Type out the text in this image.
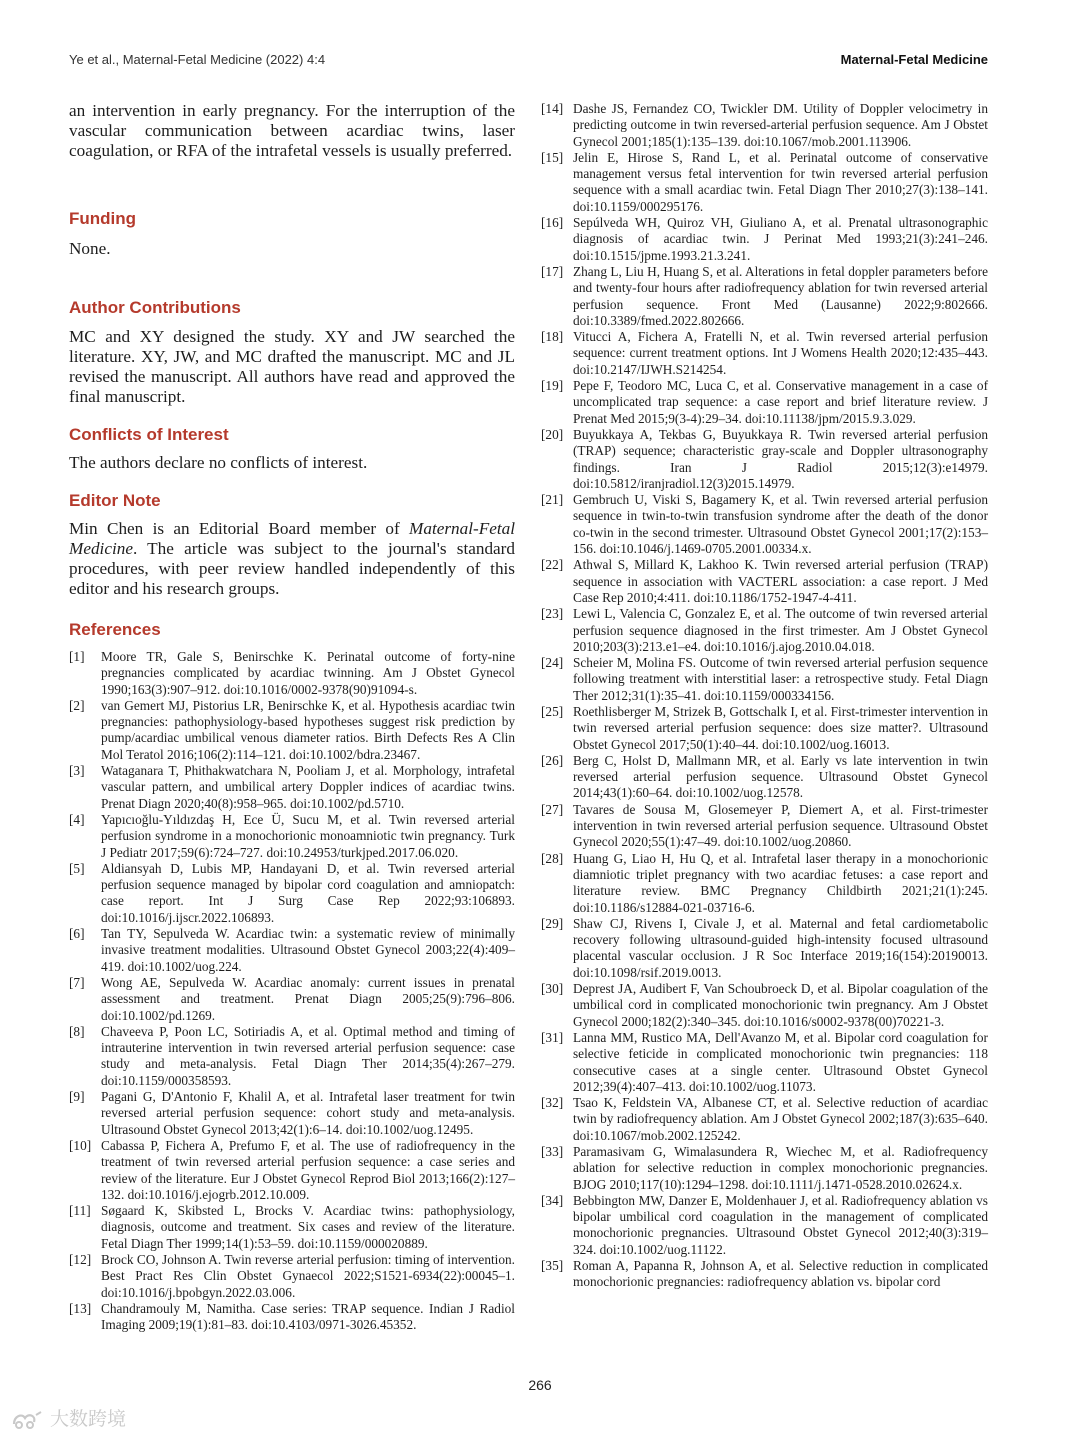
Ye et al., Maternal-Fetal Medicine (2022) 4:4	Maternal-Fetal Medicine

an intervention in early pregnancy. For the interruption of the vascular communication between acardiac twins, laser coagulation, or RFA of the intrafetal vessels is usually preferred.

Funding

None.

Author Contributions

MC and XY designed the study. XY and JW searched the literature. XY, JW, and MC drafted the manuscript. MC and JL revised the manuscript. All authors have read and approved the final manuscript.

Conflicts of Interest

The authors declare no conflicts of interest.

Editor Note

Min Chen is an Editorial Board member of Maternal-Fetal Medicine. The article was subject to the journal's standard procedures, with peer review handled independently of this editor and his research groups.

References
[1]	Moore TR, Gale S, Benirschke K. Perinatal outcome of forty-nine pregnancies complicated by acardiac twinning. Am J Obstet Gynecol 1990;163(3):907–912. doi:10.1016/0002-9378(90)91094-s.
[2]	van Gemert MJ, Pistorius LR, Benirschke K, et al. Hypothesis acardiac twin pregnancies: pathophysiology-based hypotheses suggest risk prediction by pump/acardiac umbilical venous diameter ratios. Birth Defects Res A Clin Mol Teratol 2016;106(2):114–121. doi:10.1002/bdra.23467.
[3]	Wataganara T, Phithakwatchara N, Pooliam J, et al. Morphology, intrafetal vascular pattern, and umbilical artery Doppler indices of acardiac twins. Prenat Diagn 2020;40(8):958–965. doi:10.1002/pd.5710.
[4]	Yapıcıoğlu-Yıldızdaş H, Ece Ü, Sucu M, et al. Twin reversed arterial perfusion syndrome in a monochorionic monoamniotic twin pregnancy. Turk J Pediatr 2017;59(6):724–727. doi:10.24953/turkjped.2017.06.020.
[5]	Aldiansyah D, Lubis MP, Handayani D, et al. Twin reversed arterial perfusion sequence managed by bipolar cord coagulation and amniopatch: case report. Int J Surg Case Rep 2022;93:106893. doi:10.1016/j.ijscr.2022.106893.
[6]	Tan TY, Sepulveda W. Acardiac twin: a systematic review of minimally invasive treatment modalities. Ultrasound Obstet Gynecol 2003;22(4):409–419. doi:10.1002/uog.224.
[7]	Wong AE, Sepulveda W. Acardiac anomaly: current issues in prenatal assessment and treatment. Prenat Diagn 2005;25(9):796–806. doi:10.1002/pd.1269.
[8]	Chaveeva P, Poon LC, Sotiriadis A, et al. Optimal method and timing of intrauterine intervention in twin reversed arterial perfusion sequence: case study and meta-analysis. Fetal Diagn Ther 2014;35(4):267–279. doi:10.1159/000358593.
[9]	Pagani G, D'Antonio F, Khalil A, et al. Intrafetal laser treatment for twin reversed arterial perfusion sequence: cohort study and meta-analysis. Ultrasound Obstet Gynecol 2013;42(1):6–14. doi:10.1002/uog.12495.
[10] Cabassa P, Fichera A, Prefumo F, et al. The use of radiofrequency in the treatment of twin reversed arterial perfusion sequence: a case series and review of the literature. Eur J Obstet Gynecol Reprod Biol 2013;166(2):127–132. doi:10.1016/j.ejogrb.2012.10.009.
[11] Søgaard K, Skibsted L, Brocks V. Acardiac twins: pathophysiology, diagnosis, outcome and treatment. Six cases and review of the literature. Fetal Diagn Ther 1999;14(1):53–59. doi:10.1159/000020889.
[12] Brock CO, Johnson A. Twin reverse arterial perfusion: timing of intervention. Best Pract Res Clin Obstet Gynaecol 2022;S1521-6934(22):00045–1. doi:10.1016/j.bpobgyn.2022.03.006.
[13] Chandramouly M, Namitha. Case series: TRAP sequence. Indian J Radiol Imaging 2009;19(1):81–83. doi:10.4103/0971-3026.45352.
[14] Dashe JS, Fernandez CO, Twickler DM. Utility of Doppler velocimetry in predicting outcome in twin reversed-arterial perfusion sequence. Am J Obstet Gynecol 2001;185(1):135–139. doi:10.1067/mob.2001.113906.
[15] Jelin E, Hirose S, Rand L, et al. Perinatal outcome of conservative management versus fetal intervention for twin reversed arterial perfusion sequence with a small acardiac twin. Fetal Diagn Ther 2010;27(3):138–141. doi:10.1159/000295176.
[16] Sepúlveda WH, Quiroz VH, Giuliano A, et al. Prenatal ultrasonographic diagnosis of acardiac twin. J Perinat Med 1993;21(3):241–246. doi:10.1515/jpme.1993.21.3.241.
[17] Zhang L, Liu H, Huang S, et al. Alterations in fetal doppler parameters before and twenty-four hours after radiofrequency ablation for twin reversed arterial perfusion sequence. Front Med (Lausanne) 2022;9:802666. doi:10.3389/fmed.2022.802666.
[18] Vitucci A, Fichera A, Fratelli N, et al. Twin reversed arterial perfusion sequence: current treatment options. Int J Womens Health 2020;12:435–443. doi:10.2147/IJWH.S214254.
[19] Pepe F, Teodoro MC, Luca C, et al. Conservative management in a case of uncomplicated trap sequence: a case report and brief literature review. J Prenat Med 2015;9(3-4):29–34. doi:10.11138/jpm/2015.9.3.029.
[20] Buyukkaya A, Tekbas G, Buyukkaya R. Twin reversed arterial perfusion (TRAP) sequence; characteristic gray-scale and Doppler ultrasonography findings. Iran J Radiol 2015;12(3):e14979. doi:10.5812/iranjradiol.12(3)2015.14979.
[21] Gembruch U, Viski S, Bagamery K, et al. Twin reversed arterial perfusion sequence in twin-to-twin transfusion syndrome after the death of the donor co-twin in the second trimester. Ultrasound Obstet Gynecol 2001;17(2):153–156. doi:10.1046/j.1469-0705.2001.00334.x.
[22] Athwal S, Millard K, Lakhoo K. Twin reversed arterial perfusion (TRAP) sequence in association with VACTERL association: a case report. J Med Case Rep 2010;4:411. doi:10.1186/1752-1947-4-411.
[23] Lewi L, Valencia C, Gonzalez E, et al. The outcome of twin reversed arterial perfusion sequence diagnosed in the first trimester. Am J Obstet Gynecol 2010;203(3):213.e1–e4. doi:10.1016/j.ajog.2010.04.018.
[24] Scheier M, Molina FS. Outcome of twin reversed arterial perfusion sequence following treatment with interstitial laser: a retrospective study. Fetal Diagn Ther 2012;31(1):35–41. doi:10.1159/000334156.
[25] Roethlisberger M, Strizek B, Gottschalk I, et al. First-trimester intervention in twin reversed arterial perfusion sequence: does size matter?. Ultrasound Obstet Gynecol 2017;50(1):40–44. doi:10.1002/uog.16013.
[26] Berg C, Holst D, Mallmann MR, et al. Early vs late intervention in twin reversed arterial perfusion sequence. Ultrasound Obstet Gynecol 2014;43(1):60–64. doi:10.1002/uog.12578.
[27] Tavares de Sousa M, Glosemeyer P, Diemert A, et al. First-trimester intervention in twin reversed arterial perfusion sequence. Ultrasound Obstet Gynecol 2020;55(1):47–49. doi:10.1002/uog.20860.
[28] Huang G, Liao H, Hu Q, et al. Intrafetal laser therapy in a monochorionic diamniotic triplet pregnancy with two acardiac fetuses: a case report and literature review. BMC Pregnancy Childbirth 2021;21(1):245. doi:10.1186/s12884-021-03716-6.
[29] Shaw CJ, Rivens I, Civale J, et al. Maternal and fetal cardiometabolic recovery following ultrasound-guided high-intensity focused ultrasound placental vascular occlusion. J R Soc Interface 2019;16(154):20190013. doi:10.1098/rsif.2019.0013.
[30] Deprest JA, Audibert F, Van Schoubroeck D, et al. Bipolar coagulation of the umbilical cord in complicated monochorionic twin pregnancy. Am J Obstet Gynecol 2000;182(2):340–345. doi:10.1016/s0002-9378(00)70221-3.
[31] Lanna MM, Rustico MA, Dell'Avanzo M, et al. Bipolar cord coagulation for selective feticide in complicated monochorionic twin pregnancies: 118 consecutive cases at a single center. Ultrasound Obstet Gynecol 2012;39(4):407–413. doi:10.1002/uog.11073.
[32] Tsao K, Feldstein VA, Albanese CT, et al. Selective reduction of acardiac twin by radiofrequency ablation. Am J Obstet Gynecol 2002;187(3):635–640. doi:10.1067/mob.2002.125242.
[33] Paramasivam G, Wimalasundera R, Wiechec M, et al. Radiofrequency ablation for selective reduction in complex monochorionic pregnancies. BJOG 2010;117(10):1294–1298. doi:10.1111/j.1471-0528.2010.02624.x.
[34] Bebbington MW, Danzer E, Moldenhauer J, et al. Radiofrequency ablation vs bipolar umbilical cord coagulation in the management of complicated monochorionic pregnancies. Ultrasound Obstet Gynecol 2012;40(3):319–324. doi:10.1002/uog.11122.
[35] Roman A, Papanna R, Johnson A, et al. Selective reduction in complicated monochorionic pregnancies: radiofrequency ablation vs. bipolar cord
266
大数跨境
